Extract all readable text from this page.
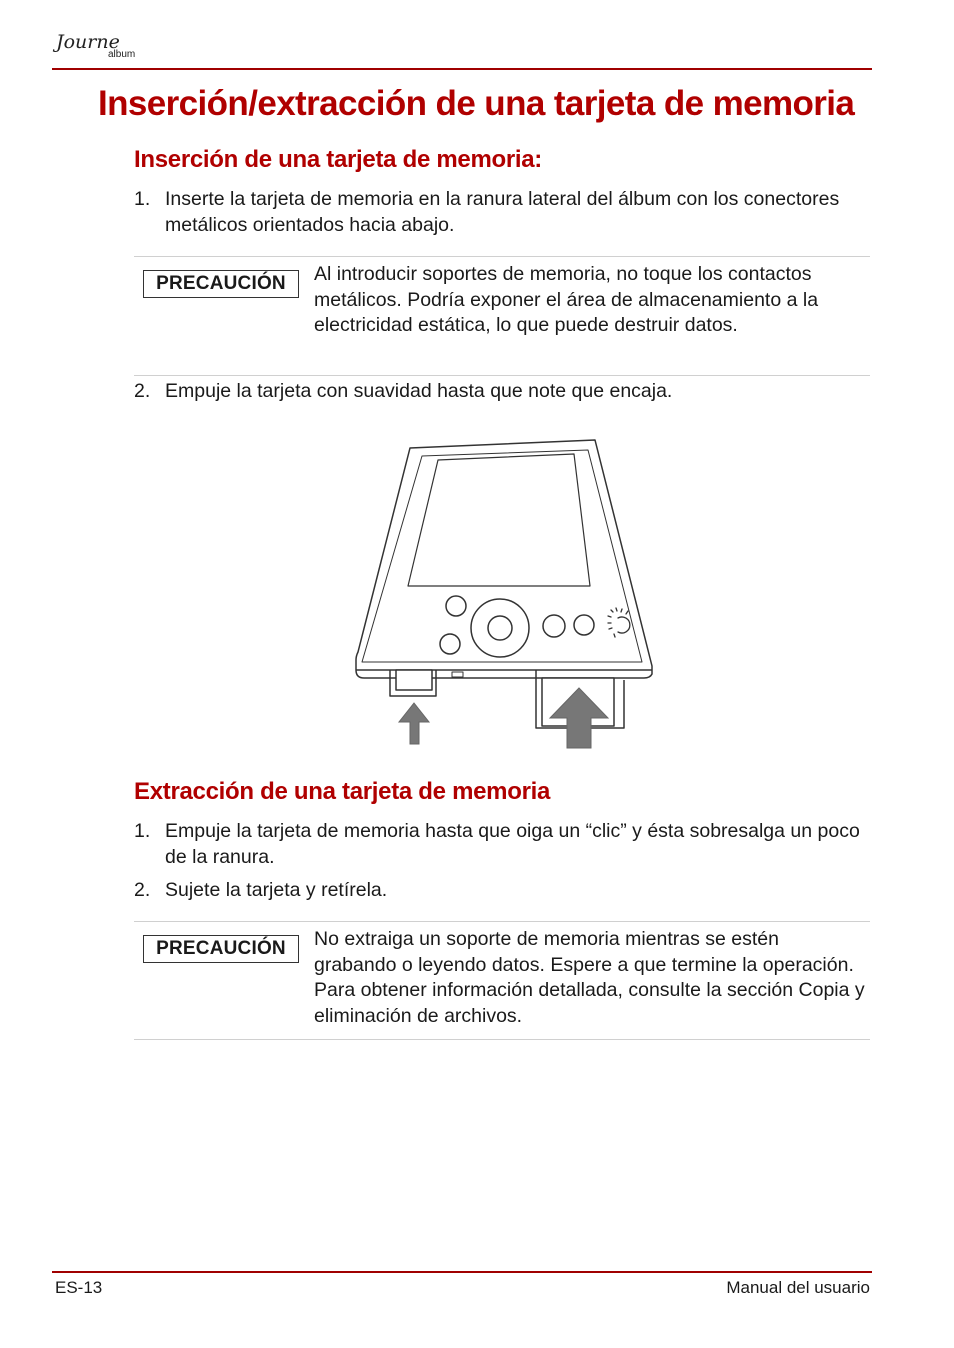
Journe
album
Inserción/extracción de una tarjeta de memoria
Inserción de una tarjeta de memoria:
1. Inserte la tarjeta de memoria en la ranura lateral del álbum con los conectores metálicos orientados hacia abajo.
PRECAUCIÓN	Al introducir soportes de memoria, no toque los contactos metálicos. Podría exponer el área de almacenamiento a la electricidad estática, lo que puede destruir datos.
2. Empuje la tarjeta con suavidad hasta que note que encaja.
Extracción de una tarjeta de memoria
1. Empuje la tarjeta de memoria hasta que oiga un “clic” y ésta sobresalga un poco de la ranura.
2. Sujete la tarjeta y retírela.
PRECAUCIÓN	No extraiga un soporte de memoria mientras se estén grabando o leyendo datos. Espere a que termine la operación. Para obtener información detallada, consulte la sección Copia y eliminación de archivos.
ES-13	Manual del usuario
